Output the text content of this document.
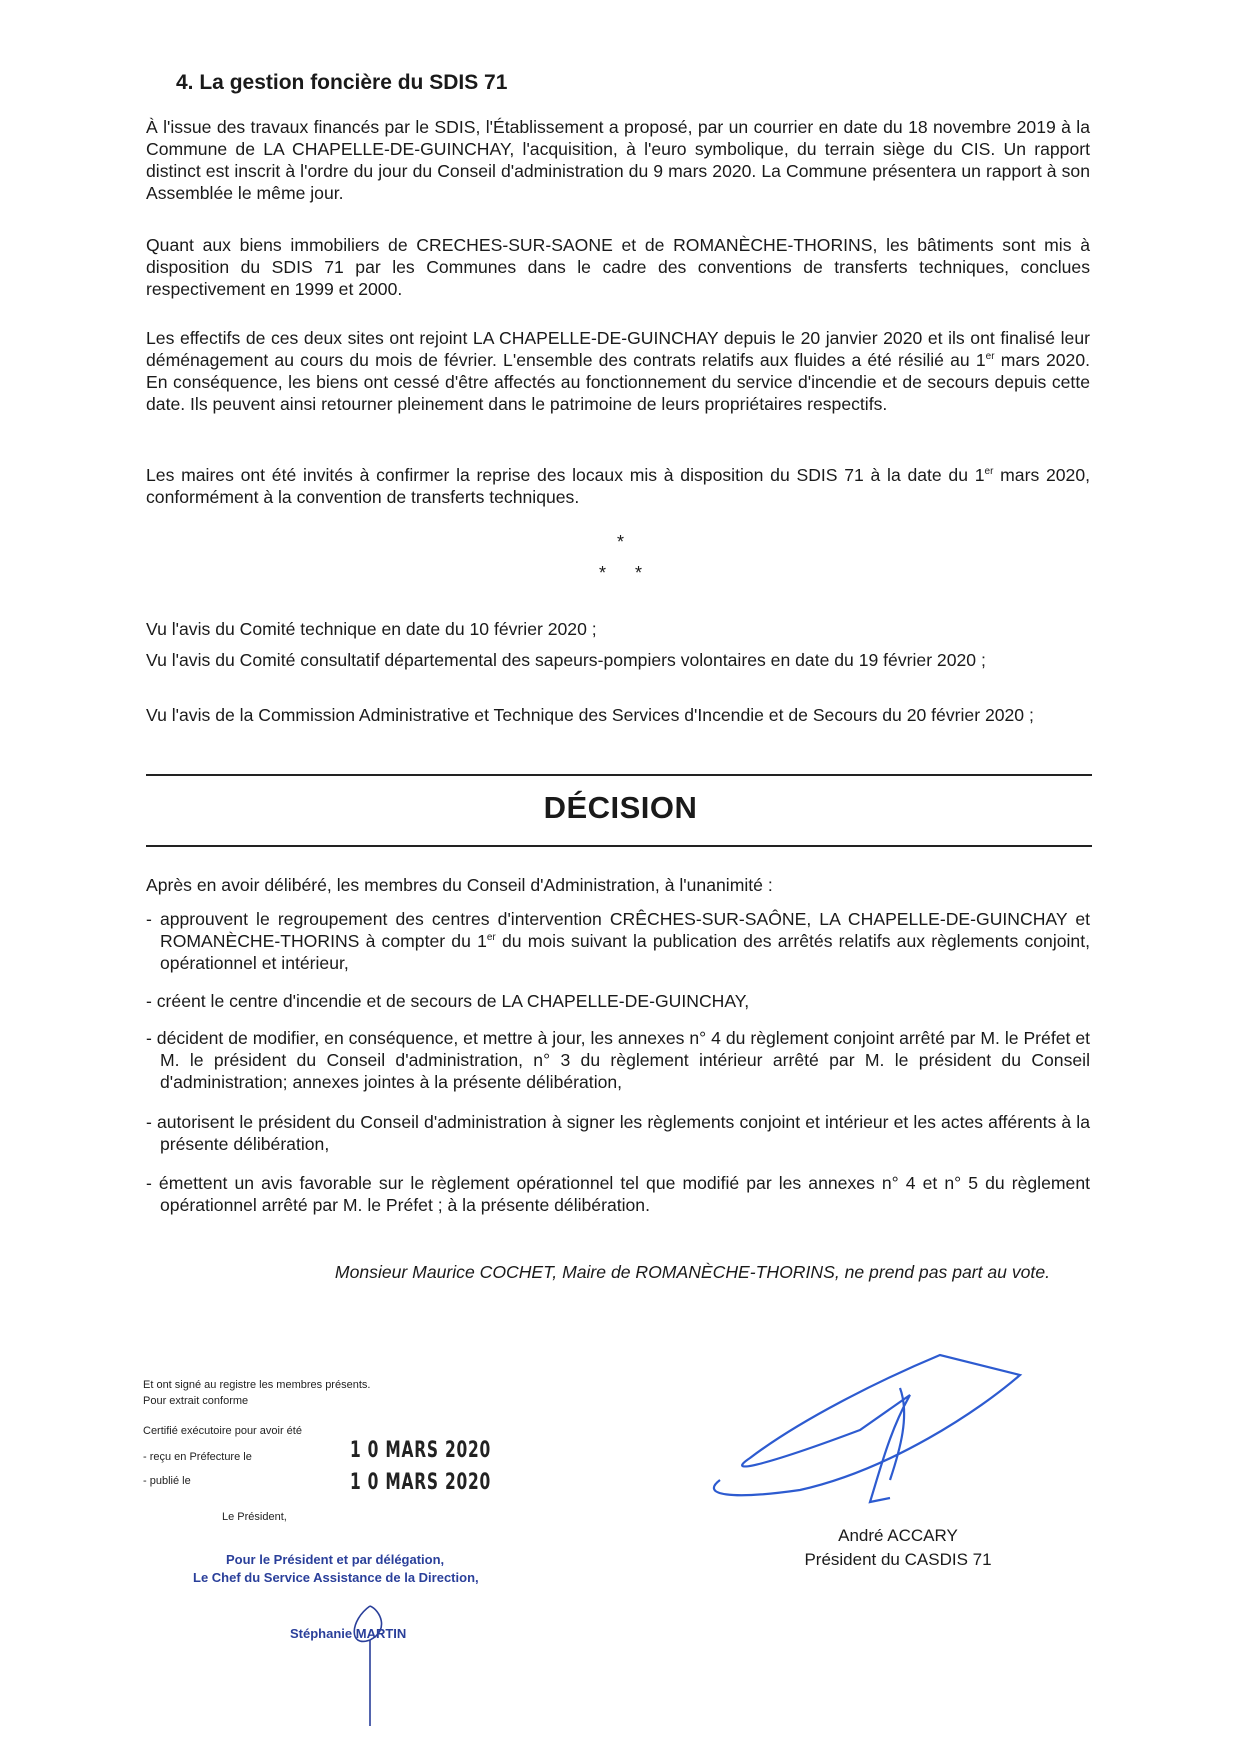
4. La gestion foncière du SDIS 71
À l'issue des travaux financés par le SDIS, l'Établissement a proposé, par un courrier en date du 18 novembre 2019 à la Commune de LA CHAPELLE-DE-GUINCHAY, l'acquisition, à l'euro symbolique, du terrain siège du CIS. Un rapport distinct est inscrit à l'ordre du jour du Conseil d'administration du 9 mars 2020. La Commune présentera un rapport à son Assemblée le même jour.
Quant aux biens immobiliers de CRECHES-SUR-SAONE et de ROMANÈCHE-THORINS, les bâtiments sont mis à disposition du SDIS 71 par les Communes dans le cadre des conventions de transferts techniques, conclues respectivement en 1999 et 2000.
Les effectifs de ces deux sites ont rejoint LA CHAPELLE-DE-GUINCHAY depuis le 20 janvier 2020 et ils ont finalisé leur déménagement au cours du mois de février. L'ensemble des contrats relatifs aux fluides a été résilié au 1er mars 2020. En conséquence, les biens ont cessé d'être affectés au fonctionnement du service d'incendie et de secours depuis cette date. Ils peuvent ainsi retourner pleinement dans le patrimoine de leurs propriétaires respectifs.
Les maires ont été invités à confirmer la reprise des locaux mis à disposition du SDIS 71 à la date du 1er mars 2020, conformément à la convention de transferts techniques.
*
*	*
Vu l'avis du Comité technique en date du 10 février 2020 ;
Vu l'avis du Comité consultatif départemental des sapeurs-pompiers volontaires en date du 19 février 2020 ;
Vu l'avis de la Commission Administrative et Technique des Services d'Incendie et de Secours du 20 février 2020 ;
DÉCISION
Après en avoir délibéré, les membres du Conseil d'Administration, à l'unanimité :
- approuvent le regroupement des centres d'intervention CRÊCHES-SUR-SAÔNE, LA CHAPELLE-DE-GUINCHAY et ROMANÈCHE-THORINS à compter du 1er du mois suivant la publication des arrêtés relatifs aux règlements conjoint, opérationnel et intérieur,
- créent le centre d'incendie et de secours de LA CHAPELLE-DE-GUINCHAY,
- décident de modifier, en conséquence, et mettre à jour, les annexes n° 4 du règlement conjoint arrêté par M. le Préfet et M. le président du Conseil d'administration, n° 3 du règlement intérieur arrêté par M. le président du Conseil d'administration; annexes jointes à la présente délibération,
- autorisent le président du Conseil d'administration à signer les règlements conjoint et intérieur et les actes afférents à la présente délibération,
- émettent un avis favorable sur le règlement opérationnel tel que modifié par les annexes n° 4 et n° 5 du règlement opérationnel arrêté par M. le Préfet ; à la présente délibération.
Monsieur Maurice COCHET, Maire de ROMANÈCHE-THORINS, ne prend pas part au vote.
Et ont signé au registre les membres présents.
Pour extrait conforme
Certifié exécutoire pour avoir été
- reçu en Préfecture le	1 0 MARS 2020
- publié le	1 0 MARS 2020
Le Président,
Pour le Président et par délégation,
Le Chef du Service Assistance de la Direction,
Stéphanie MARTIN
André ACCARY
Président du CASDIS 71
